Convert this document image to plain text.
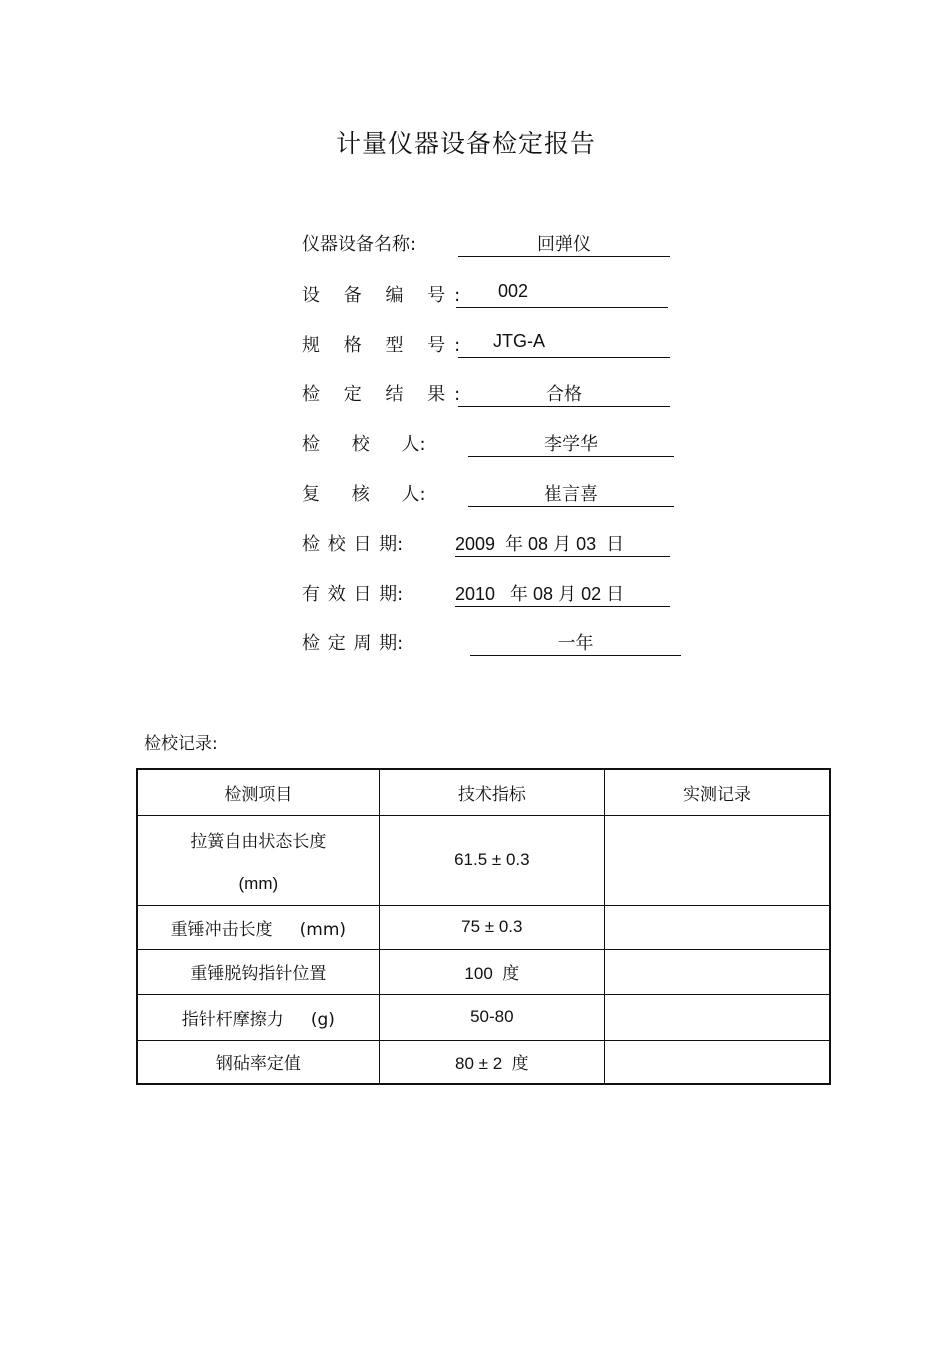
计量仪器设备检定报告
仪器设备名称:	回弹仪
设 备 编 号:	002
规 格 型 号:	JTG-A
检 定 结 果:	合格
检 校 人:	李学华
复 核 人:	崔言喜
检 校 日 期:	2009  年 08 月 03  日
有 效 日 期:	2010   年 08 月 02 日
检 定 周 期:	一年
检校记录:
检测项目	技术指标	实测记录

拉簧自由状态长度
(mm)	61.5 ± 0.3	
重锤冲击长度     (mm)	75 ± 0.3	
重锤脱钩指针位置	100  度	
指针杆摩擦力     (g)	50-80	
钢砧率定值	80 ± 2  度	
